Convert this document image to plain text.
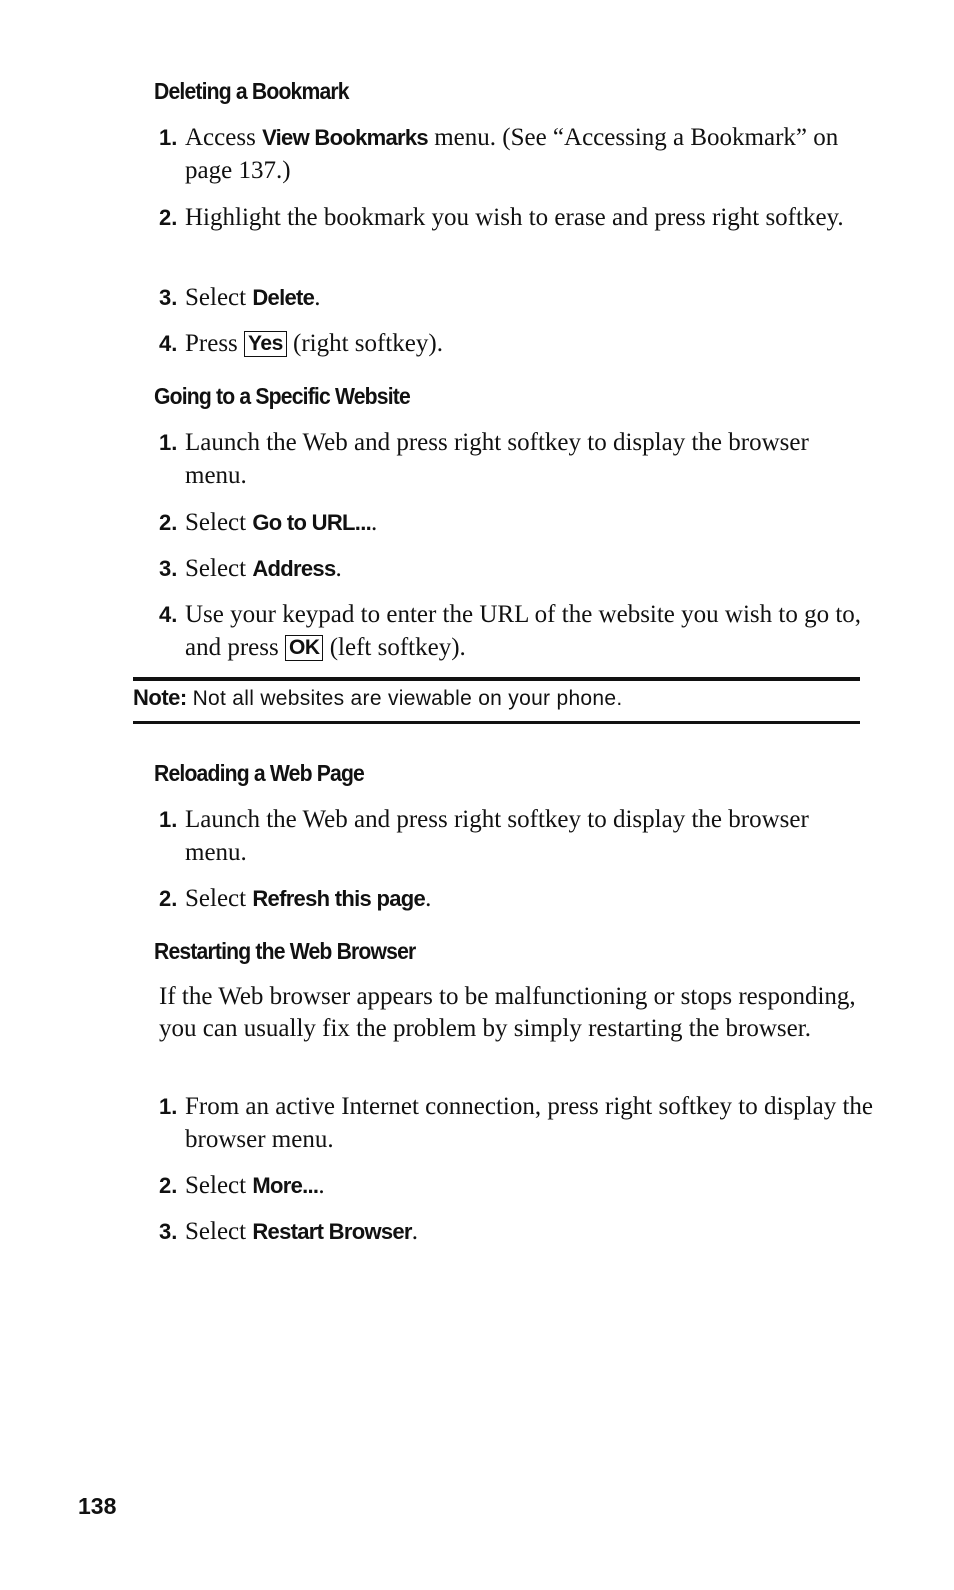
Deleting a Bookmark
1. Access View Bookmarks menu. (See “Accessing a Bookmark” on page 137.)
2. Highlight the bookmark you wish to erase and press right softkey.
3. Select Delete.
4. Press Yes (right softkey).
Going to a Specific Website
1. Launch the Web and press right softkey to display the browser menu.
2. Select Go to URL....
3. Select Address.
4. Use your keypad to enter the URL of the website you wish to go to, and press OK (left softkey).
Note: Not all websites are viewable on your phone.
Reloading a Web Page
1. Launch the Web and press right softkey to display the browser menu.
2. Select Refresh this page.
Restarting the Web Browser

If the Web browser appears to be malfunctioning or stops responding, you can usually fix the problem by simply restarting the browser.

1. From an active Internet connection, press right softkey to display the browser menu.
2. Select More....
3. Select Restart Browser.
138
